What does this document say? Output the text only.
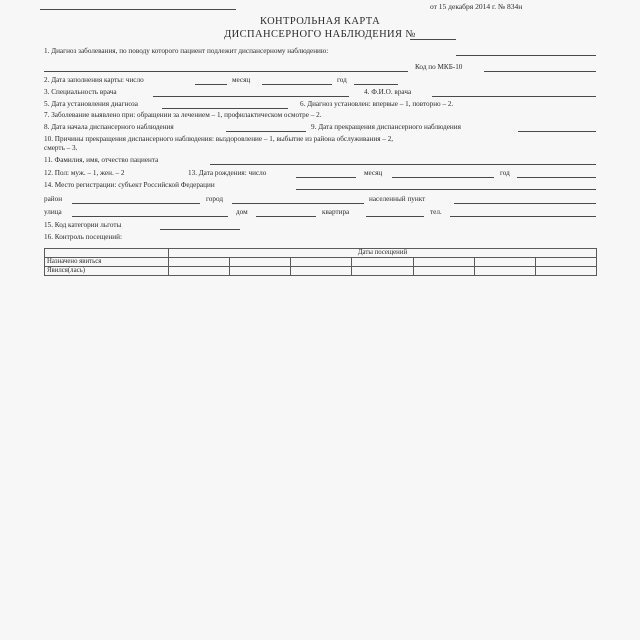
от 15 декабря 2014 г. № 834н
КОНТРОЛЬНАЯ КАРТА
ДИСПАНСЕРНОГО НАБЛЮДЕНИЯ №
1. Диагноз заболевания, по поводу которого пациент подлежит диспансерному наблюдению:
Код по МКБ-10
2. Дата заполнения карты: число	месяц	год
3. Специальность врача	4. Ф.И.О. врача
5. Дата установления диагноза	6. Диагноз установлен: впервые – 1, повторно – 2.
7. Заболевание выявлено при: обращении за лечением – 1, профилактическом осмотре – 2.
8. Дата начала диспансерного наблюдения	9. Дата прекращения диспансерного наблюдения
10. Причины прекращения диспансерного наблюдения: выздоровление – 1, выбытие из района обслуживания – 2,
смерть – 3.
11. Фамилия, имя, отчество пациента
12. Пол: муж. – 1, жен. – 2	13. Дата рождения: число	месяц	год
14. Место регистрации: субъект Российской Федерации
район	город	населенный пункт
улица	дом	квартира	тел.
15. Код категории льготы
16. Контроль посещений:
	Даты посещений						
Назначено явиться							
Явился(лась)							
